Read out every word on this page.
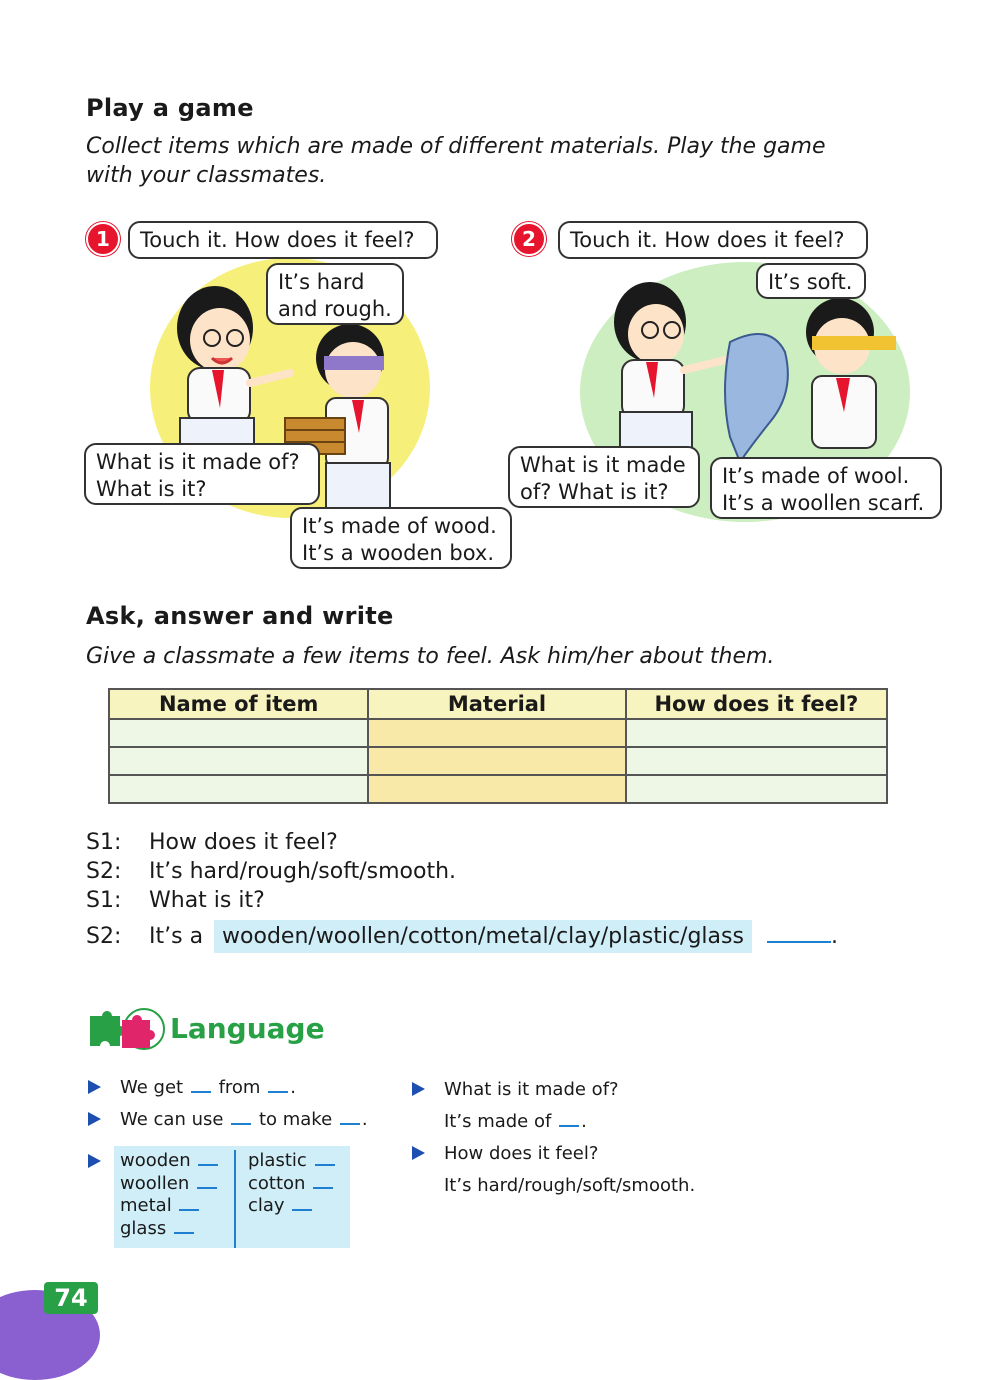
Play a game
Collect items which are made of different materials. Play the game
with your classmates.
1	Touch it. How does it feel?
It’s hard
and rough.
What is it made of?
What is it?
It’s made of wood.
It’s a wooden box.
2	Touch it. How does it feel?
It’s soft.
What is it made
of? What is it?
It’s made of wool.
It’s a woollen scarf.
Ask, answer and write
Give a classmate a few items to feel. Ask him/her about them.
Name of item	Material	How does it feel?

S1: How does it feel?
S2: It’s hard/rough/soft/smooth.
S1: What is it?
S2: It’s a wooden/woollen/cotton/metal/clay/plastic/glass	.
Language
We get from .
We can use to make .
wooden
woollen
metal
glass
plastic
cotton
clay
What is it made of?
It’s made of .
How does it feel?
It’s hard/rough/soft/smooth.
74
